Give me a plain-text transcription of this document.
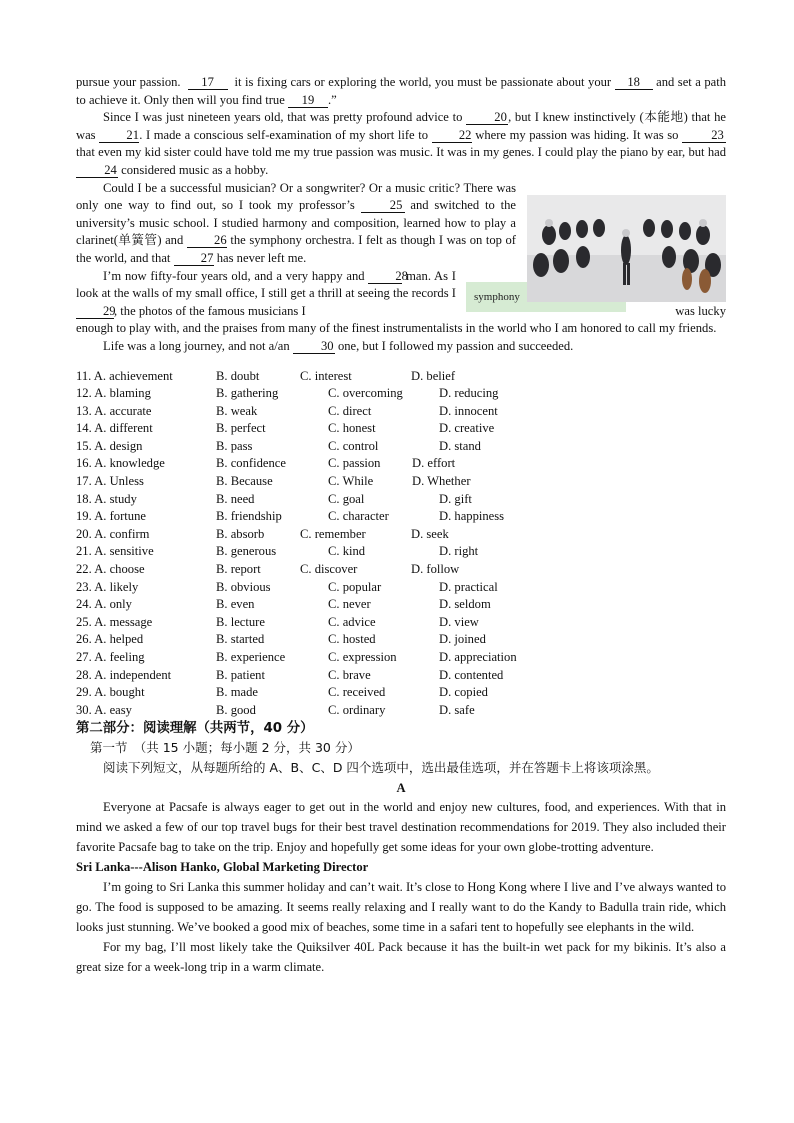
pursue your passion. 17 it is fixing cars or exploring the world, you must be passionate about your 18 and set a path to achieve it. Only then will you find true 19 .”

Since I was just nineteen years old, that was pretty profound advice to	20, but I knew instinctively (本能地) that he was 21. I made a conscious self-examination of my short life to 22 where my passion was hiding. It was so	23 that even my kid sister could have told me my true passion was music. It was in my genes. I could play the piano by ear, but had 24 considered music as a hobby.

Could I be a successful musician? Or a songwriter? Or a music critic? There was only one way to find out, so I took my professor’s	25 and switched to the university’s music school. I studied harmony and composition, learned how to play a clarinet(单簧管) and 26 the symphony orchestra. I felt as though I was on top of the world, and that 27 has never left me.

I’m now fifty-four years old, and a very happy and 28 man. As I look at the walls of my small office, I still get a thrill at seeing the records I 29, the photos of the famous musicians I	was lucky

enough to play with, and the praises from many of the finest instrumentalists in the world who I am honored to call my friends.

Life was a long journey, and not a/an 30 one, but I followed my passion and succeeded.

symphony
11. A. achievement	B. doubt	C. interest	D. belief
12. A. blaming	B. gathering	C. overcoming	D. reducing
13. A. accurate	B. weak	C. direct	D. innocent
14. A. different	B. perfect	C. honest	D. creative
15. A. design	B. pass	C. control	D. stand
16. A. knowledge	B. confidence	C. passion	D. effort
17. A. Unless	B. Because	C. While	D. Whether
18. A. study	B. need	C. goal	D. gift
19. A. fortune	B. friendship	C. character	D. happiness
20. A. confirm	B. absorb	C. remember	D. seek
21. A. sensitive	B. generous	C. kind	D. right
22. A. choose	B. report	C. discover	D. follow
23. A. likely	B. obvious	C. popular	D. practical
24. A. only	B. even	C. never	D. seldom
25. A. message	B. lecture	C. advice	D. view
26. A. helped	B. started	C. hosted	D. joined
27. A. feeling	B. experience	C. expression	D. appreciation
28. A. independent	B. patient	C. brave	D. contented
29. A. bought	B. made	C. received	D. copied
30. A. easy	B. good	C. ordinary	D. safe
第二部分：阅读理解（共两节，40 分）
第一节　（共 15 小题；每小题 2 分，共 30 分）
阅读下列短文，从每题所给的 A、B、C、D 四个选项中，选出最佳选项，并在答题卡上将该项涂黑。
A

Everyone at Pacsafe is always eager to get out in the world and enjoy new cultures, food, and experiences. With that in mind we asked a few of our top travel bugs for their best travel destination recommendations for 2019. They also included their favorite Pacsafe bag to take on the trip. Enjoy and hopefully get some ideas for your own globe-trotting adventure.

Sri Lanka---Alison Hanko, Global Marketing Director

I’m going to Sri Lanka this summer holiday and can’t wait. It’s close to Hong Kong where I live and I’ve always wanted to go. The food is supposed to be amazing. It seems really relaxing and I really want to do the Kandy to Badulla train ride, which looks just stunning. We’ve booked a good mix of beaches, some time in a safari tent to hopefully see elephants in the wild.

For my bag, I’ll most likely take the Quiksilver 40L Pack because it has the built-in wet pack for my bikinis. It’s also a great size for a week-long trip in a warm climate.
